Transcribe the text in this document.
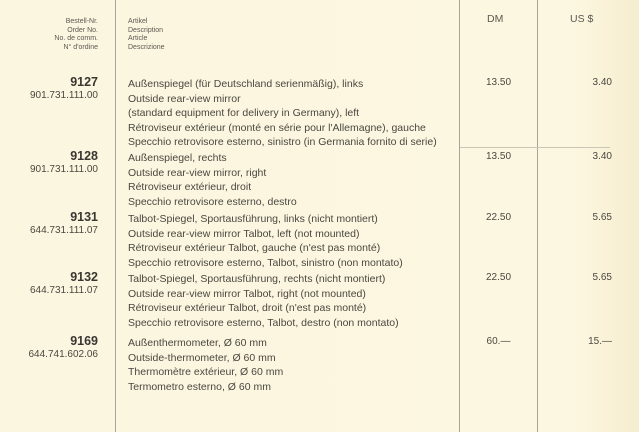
Bestell-Nr.
Order No.
No. de comm.
N° d'ordine
Artikel
Description
Article
Descrizione
DM	US $
9127
901.731.111.00
Außenspiegel (für Deutschland serienmäßig), links
Outside rear-view mirror
(standard equipment for delivery in Germany), left
Rétroviseur extérieur (monté en série pour l'Allemagne), gauche
Specchio retrovisore esterno, sinistro (in Germania fornito di serie)
13.50	3.40
9128
901.731.111.00
Außenspiegel, rechts
Outside rear-view mirror, right
Rétroviseur extérieur, droit
Specchio retrovisore esterno, destro
13.50	3.40
9131
644.731.111.07
Talbot-Spiegel, Sportausführung, links (nicht montiert)
Outside rear-view mirror Talbot, left (not mounted)
Rétroviseur extérieur Talbot, gauche (n'est pas monté)
Specchio retrovisore esterno, Talbot, sinistro (non montato)
22.50	5.65
9132
644.731.111.07
Talbot-Spiegel, Sportausführung, rechts (nicht montiert)
Outside rear-view mirror Talbot, right (not mounted)
Rétroviseur extérieur Talbot, droit (n'est pas monté)
Specchio retrovisore esterno, Talbot, destro (non montato)
22.50	5.65
9169
644.741.602.06
Außenthermometer, Ø 60 mm
Outside-thermometer, Ø 60 mm
Thermomètre extérieur, Ø 60 mm
Termometro esterno, Ø 60 mm
60.—	15.—
